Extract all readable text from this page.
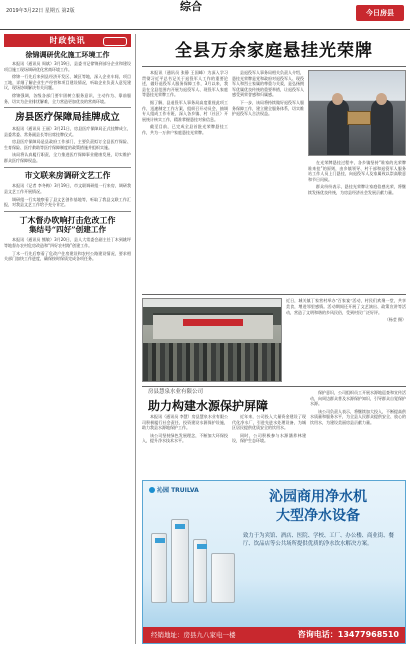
2019年3月22日 星期五 第2版	综合	今日房县
时政快讯
徐锦调研优化施工环境工作

本报讯（通讯员 周斌）3月19日，县委书记徐锦到部分企业和建设项目施工现场调研优化营商环境工作。

徐锦一行先后来到县经济开发区、城区等地，深入企业车间、项目工地，详细了解企业生产经营和项目建设情况，听取企业负责人意见建议，现场协调解决有关问题。

徐锦强调，各级各部门要牢固树立服务意识，主动作为、靠前服务，切实为企业排忧解难，全力营造更加优良的营商环境。

房县医疗保障局挂牌成立

本报讯（通讯员 王丽）3月21日，房县医疗保障局正式挂牌成立，县委常委、常务副县长等出席挂牌仪式。

房县医疗保障局是县政府工作部门，主要负责拟订全县医疗保险、生育保险、医疗救助等医疗保障制度的政策措施并组织实施。

该局将认真履行职责，全力推进医疗保障事业健康发展，切实维护群众医疗保障权益。

市文联来房调研文艺工作

本报讯（记者 李冬梅）3月19日，市文联调研组一行来房，调研我县文艺工作开展情况。

调研组一行实地察看了县文艺创作基地等，听取了我县文联工作汇报，对我县文艺工作给予充分肯定。

丁木督办吹响打击危改工作
集结号“四好”创建工作

本报讯（通讯员 熊敏）3月20日，县人大常委会副主任丁木到姚坪等地督办农村危房改造和“四好农村路”创建工作。

丁木一行先后察看了危改户住房建设和农村公路建设情况，要求相关部门加快工作进度，确保按时保质完成各项任务。

全县万余家庭悬挂光荣牌

本报讯（通讯员 张静 王国峰）为深入学习贯彻习近平总书记关于退役军人工作的重要论述，做好退役军人服务保障工作，3月以来，我县在全县范围内开展为退役军人、现役军人家庭等悬挂光荣牌工作。

据了解，县退役军人事务局高度重视此项工作，迅速制定工作方案，组织召开动员会，抽调专人组成工作专班，深入各乡镇、村（社区）开展统计核实工作，精准掌握悬挂对象信息。

截至目前，已完成全县首批光荣牌悬挂工作，共为一万余户家庭悬挂光荣牌。

县退役军人事务局相关负责人介绍，悬挂光荣牌是党和政府对退役军人、现役军人和烈士家属的尊重与关爱，是弘扬拥军优属优良传统的重要举措，让退役军人感受到荣誉感和归属感。

下一步，该局将持续做好退役军人服务保障工作，建立健全服务体系，切实维护退役军人合法权益。

在光荣牌悬挂过程中，各乡镇坚持“谁家的光荣牌谁来挂”的原则，由乡镇领导、村干部和退役军人服务站工作人员上门悬挂，向退役军人及家属致以崇高敬意和节日问候。

群众纷纷表示，悬挂光荣牌让家庭倍感光荣，将继续发扬优良传统，为房县经济社会发展贡献力量。

近日，城关镇丁家营村举办“百家宴”活动，村民们欢聚一堂，共享美食，增进邻里感情。活动期间还开展了文艺演出、政策宣讲等活动，营造了文明和谐的乡风民俗，受到村民广泛好评。

（杨莹 摄）

房县慧泉水业有限公司
助力构建水源保护屏障

本报讯（通讯员 李慧）房县慧泉水业有限公司积极履行社会责任，投资建设水源保护设施，助力我县水源地保护工作。

该公司坚持绿色发展理念，不断加大环保投入，提升净水技术水平。

近年来，公司投入大量资金建设了现代化净水厂，引进先进水处理设备，为城区居民提供优质安全的饮用水。

同时，公司积极参与水源涵养林建设，保护生态环境。

保护意识，公司组织员工开展水源地巡查和宣传活动，向周边群众普及水源保护知识，引导群众自觉保护水源。

该公司负责人表示，将继续加大投入，不断提高供水质量和服务水平，为全县人民群众提供安全、放心的饮用水，为建设美丽房县贡献力量。

沁园 TRUILVA	沁园商用净水机
大型净水设备
致力于为宾馆、酒店、医院、学校、工厂、办公楼、商业街、餐厅、饮品店等公共场所提供优质的净水饮水解决方案。
经销地址：房县九八家电一楼	咨询电话：13477968510
